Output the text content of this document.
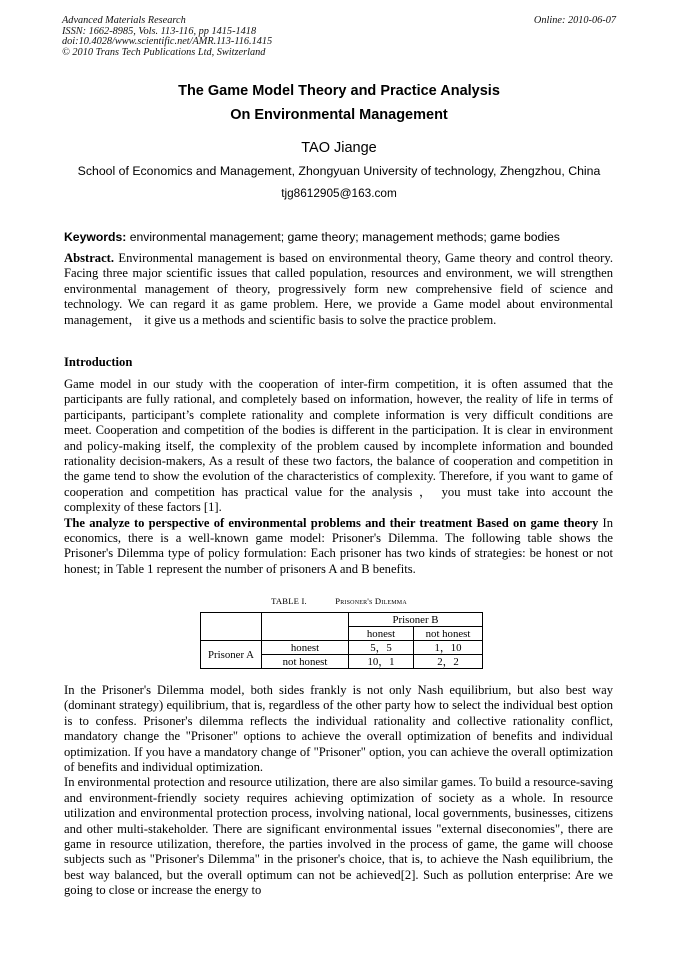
Advanced Materials Research
ISSN: 1662-8985, Vols. 113-116, pp 1415-1418
doi:10.4028/www.scientific.net/AMR.113-116.1415
© 2010 Trans Tech Publications Ltd, Switzerland
Online: 2010-06-07
The Game Model Theory and Practice Analysis
On Environmental Management
TAO Jiange
School of Economics and Management, Zhongyuan University of technology, Zhengzhou, China
tjg8612905@163.com
Keywords: environmental management; game theory; management methods; game bodies

Abstract. Environmental management is based on environmental theory, Game theory and control theory. Facing three major scientific issues that called population, resources and environment, we will strengthen environmental management of theory, progressively form new comprehensive field of science and technology. We can regard it as game problem. Here, we provide a Game model about environmental management， it give us a methods and scientific basis to solve the practice problem.

Introduction

Game model in our study with the cooperation of inter-firm competition, it is often assumed that the participants are fully rational, and completely based on information, however, the reality of life in terms of participants, participant’s complete rationality and complete information is very difficult conditions are meet. Cooperation and competition of the bodies is different in the participation. It is clear in environment and policy-making itself, the complexity of the problem caused by incomplete information and bounded rationality decision-makers, As a result of these two factors, the balance of cooperation and competition in the game tend to show the evolution of the characteristics of complexity. Therefore, if you want to game of cooperation and competition has practical value for the analysis ， you must take into account the complexity of these factors [1].

The analyze to perspective of environmental problems and their treatment Based on game theory In economics, there is a well-known game model: Prisoner's Dilemma. The following table shows the Prisoner's Dilemma type of policy formulation: Each prisoner has two kinds of strategies: be honest or not honest; in Table 1 represent the number of prisoners A and B benefits.

TABLE I.	Prisoner's Dilemma
		Prisoner B	
		honest	not honest
Prisoner A	honest	5，5	1，10
	not honest	10，1	2，2

In the Prisoner's Dilemma model, both sides frankly is not only Nash equilibrium, but also best way (dominant strategy) equilibrium, that is, regardless of the other party how to select the individual best option is to confess. Prisoner's dilemma reflects the individual rationality and collective rationality conflict, mandatory change the "Prisoner" options to achieve the overall optimization of benefits and individual optimization. If you have a mandatory change of "Prisoner" option, you can achieve the overall optimization of benefits and individual optimization.

In environmental protection and resource utilization, there are also similar games. To build a resource-saving and environment-friendly society requires achieving optimization of society as a whole. In resource utilization and environmental protection process, involving national, local governments, businesses, citizens and other multi-stakeholder. There are significant environmental issues "external diseconomies", there are game in resource utilization, therefore, the parties involved in the process of game, the game will choose subjects such as "Prisoner's Dilemma" in the prisoner's choice, that is, to achieve the Nash equilibrium, the best way balanced, but the overall optimum can not be achieved[2]. Such as pollution enterprise: Are we going to close or increase the energy to
